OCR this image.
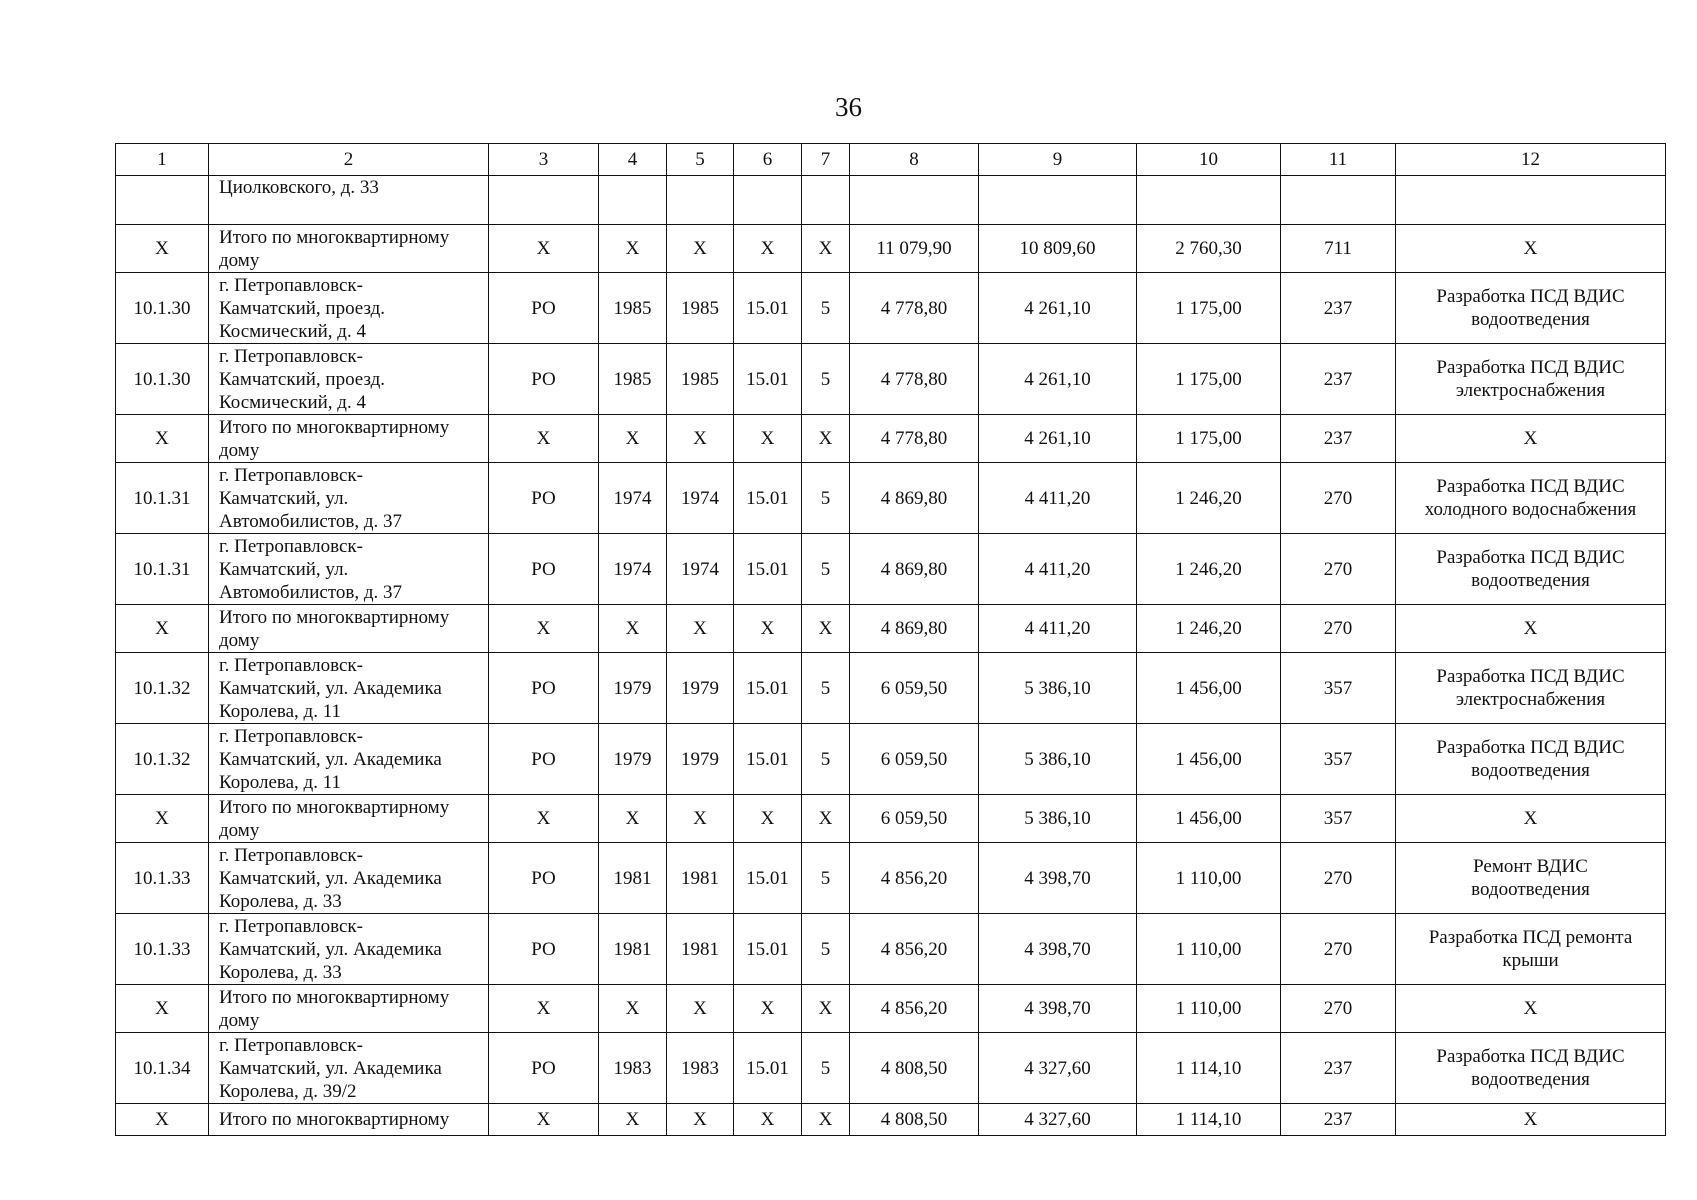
36
1	2	3	4	5	6	7	8	9	10	11	12

	Циолковского, д. 33										

X	Итого по многоквартирному
дому	X	X	X	X	X	11 079,90	10 809,60	2 760,30	711	X

10.1.30	г. Петропавловск-
Камчатский, проезд.
Космический, д. 4	РО	1985	1985	15.01	5	4 778,80	4 261,10	1 175,00	237	Разработка ПСД ВДИС
водоотведения

10.1.30	г. Петропавловск-
Камчатский, проезд.
Космический, д. 4	РО	1985	1985	15.01	5	4 778,80	4 261,10	1 175,00	237	Разработка ПСД ВДИС
электроснабжения

X	Итого по многоквартирному
дому	X	X	X	X	X	4 778,80	4 261,10	1 175,00	237	X

10.1.31	г. Петропавловск-
Камчатский, ул.
Автомобилистов, д. 37	РО	1974	1974	15.01	5	4 869,80	4 411,20	1 246,20	270	Разработка ПСД ВДИС
холодного водоснабжения

10.1.31	г. Петропавловск-
Камчатский, ул.
Автомобилистов, д. 37	РО	1974	1974	15.01	5	4 869,80	4 411,20	1 246,20	270	Разработка ПСД ВДИС
водоотведения

X	Итого по многоквартирному
дому	X	X	X	X	X	4 869,80	4 411,20	1 246,20	270	X

10.1.32	г. Петропавловск-
Камчатский, ул. Академика
Королева, д. 11	РО	1979	1979	15.01	5	6 059,50	5 386,10	1 456,00	357	Разработка ПСД ВДИС
электроснабжения

10.1.32	г. Петропавловск-
Камчатский, ул. Академика
Королева, д. 11	РО	1979	1979	15.01	5	6 059,50	5 386,10	1 456,00	357	Разработка ПСД ВДИС
водоотведения

X	Итого по многоквартирному
дому	X	X	X	X	X	6 059,50	5 386,10	1 456,00	357	X

10.1.33	г. Петропавловск-
Камчатский, ул. Академика
Королева, д. 33	РО	1981	1981	15.01	5	4 856,20	4 398,70	1 110,00	270	Ремонт ВДИС
водоотведения

10.1.33	г. Петропавловск-
Камчатский, ул. Академика
Королева, д. 33	РО	1981	1981	15.01	5	4 856,20	4 398,70	1 110,00	270	Разработка ПСД ремонта
крыши

X	Итого по многоквартирному
дому	X	X	X	X	X	4 856,20	4 398,70	1 110,00	270	X

10.1.34	г. Петропавловск-
Камчатский, ул. Академика
Королева, д. 39/2	РО	1983	1983	15.01	5	4 808,50	4 327,60	1 114,10	237	Разработка ПСД ВДИС
водоотведения

X	Итого по многоквартирному	X	X	X	X	X	4 808,50	4 327,60	1 114,10	237	X
